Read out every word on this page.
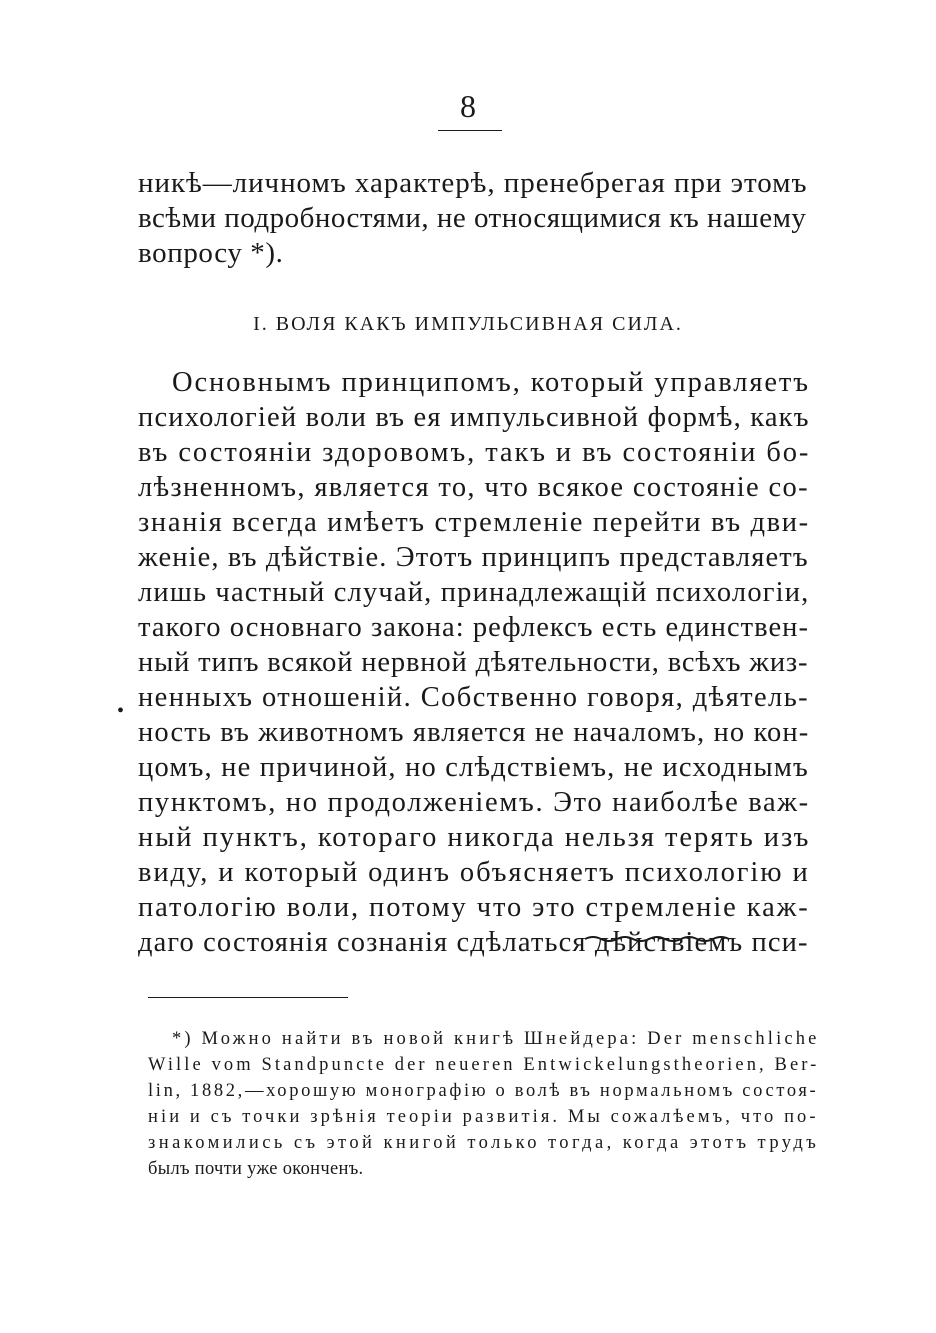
8
никѣ—личномъ характерѣ, пренебрегая при этомъ
всѣми подробностями, не относящимися къ нашему
вопросу *).
I. ВОЛЯ КАКЪ ИМПУЛЬСИВНАЯ СИЛА.
Основнымъ принципомъ, который управляетъ
психологіей воли въ ея импульсивной формѣ, какъ
въ состояніи здоровомъ, такъ и въ состояніи бо-
лѣзненномъ, является то, что всякое состояніе со-
знанія всегда имѣетъ стремленіе перейти въ дви-
женіе, въ дѣйствіе. Этотъ принципъ представляетъ
лишь частный случай, принадлежащій психологіи,
такого основнаго закона: рефлексъ есть единствен-
ный типъ всякой нервной дѣятельности, всѣхъ жиз-
ненныхъ отношеній. Собственно говоря, дѣятель-
ность въ животномъ является не началомъ, но кон-
цомъ, не причиной, но слѣдствіемъ, не исходнымъ
пунктомъ, но продолженіемъ. Это наиболѣе важ-
ный пунктъ, котораго никогда нельзя терять изъ
виду, и который одинъ объясняетъ психологію и
патологію воли, потому что это стремленіе каж-
даго состоянія сознанія сдѣлаться дѣйствіемъ пси-
•
*) Можно найти въ новой книгѣ Шнейдера: Der menschliche
Wille vom Standpuncte der neueren Entwickelungstheorien, Ber-
lin, 1882,—хорошую монографію о волѣ въ нормальномъ состоя-
ніи и съ точки зрѣнія теоріи развитія. Мы сожалѣемъ, что по-
знакомились съ этой книгой только тогда, когда этотъ трудъ
былъ почти уже оконченъ.
